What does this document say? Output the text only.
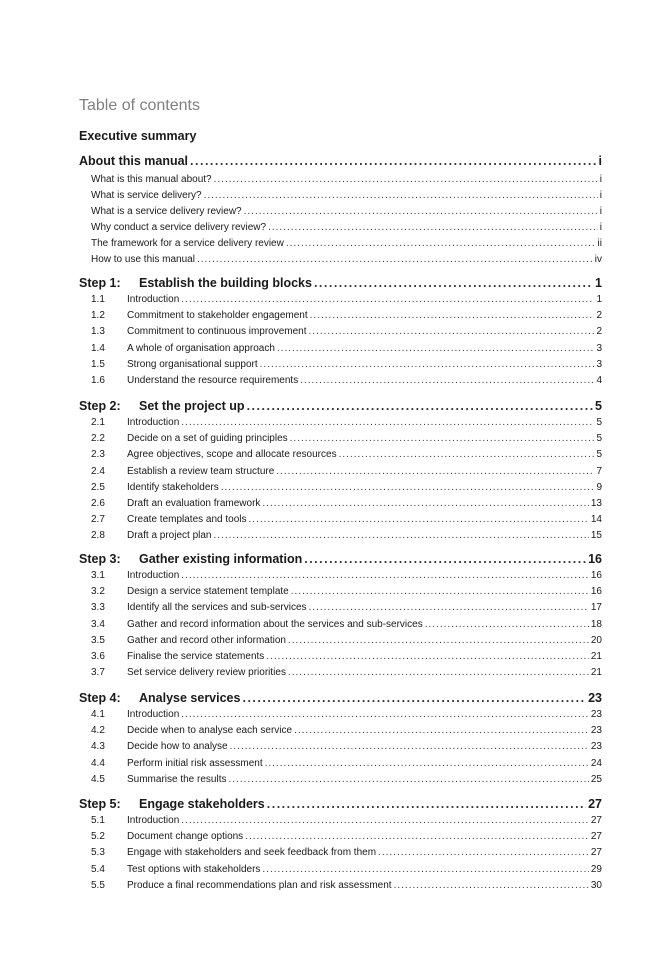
Table of contents
Executive summary
About this manual .....	i
What is this manual about? .....	i
What is service delivery? .....	i
What is a service delivery review? .....	i
Why conduct a service delivery review? .....	i
The framework for a service delivery review .....	ii
How to use this manual .....	iv
Step 1:	Establish the building blocks .....	1
1.1	Introduction .....	1
1.2	Commitment to stakeholder engagement .....	2
1.3	Commitment to continuous improvement .....	2
1.4	A whole of organisation approach .....	3
1.5	Strong organisational support .....	3
1.6	Understand the resource requirements .....	4
Step 2:	Set the project up .....	5
2.1	Introduction .....	5
2.2	Decide on a set of guiding principles .....	5
2.3	Agree objectives, scope and allocate resources .....	5
2.4	Establish a review team structure .....	7
2.5	Identify stakeholders .....	9
2.6	Draft an evaluation framework .....	13
2.7	Create templates and tools .....	14
2.8	Draft a project plan .....	15
Step 3:	Gather existing information .....	16
3.1	Introduction .....	16
3.2	Design a service statement template .....	16
3.3	Identify all the services and sub-services .....	17
3.4	Gather and record information about the services and sub-services .....	18
3.5	Gather and record other information .....	20
3.6	Finalise the service statements .....	21
3.7	Set service delivery review priorities .....	21
Step 4:	Analyse services .....	23
4.1	Introduction .....	23
4.2	Decide when to analyse each service .....	23
4.3	Decide how to analyse .....	23
4.4	Perform initial risk assessment .....	24
4.5	Summarise the results .....	25
Step 5:	Engage stakeholders .....	27
5.1	Introduction .....	27
5.2	Document change options .....	27
5.3	Engage with stakeholders and seek feedback from them .....	27
5.4	Test options with stakeholders .....	29
5.5	Produce a final recommendations plan and risk assessment .....	30
